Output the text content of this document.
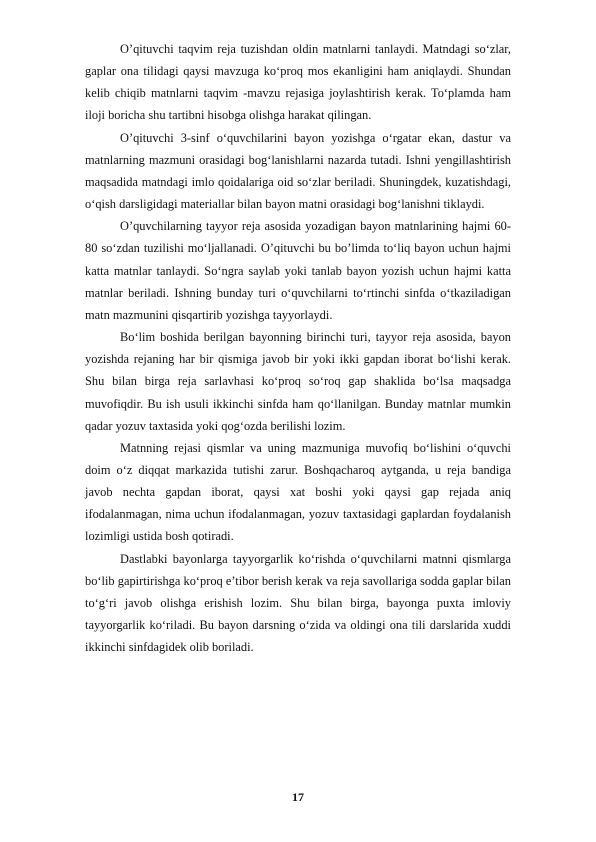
O’qituvchi taqvim reja tuzishdan oldin matnlarni tanlaydi. Matndagi so‘zlar, gaplar ona tilidagi qaysi mavzuga ko‘proq mos ekanligini ham aniqlaydi. Shundan kelib chiqib matnlarni taqvim -mavzu rejasiga joylashtirish kerak. To‘plamda ham iloji boricha shu tartibni hisobga olishga harakat qilingan.

O’qituvchi 3-sinf o‘quvchilarini bayon yozishga o‘rgatar ekan, dastur va matnlarning mazmuni orasidagi bog‘lanishlarni nazarda tutadi. Ishni yengillashtirish maqsadida matndagi imlo qoidalariga oid so‘zlar beriladi. Shuningdek, kuzatishdagi, o‘qish darsligidagi materiallar bilan bayon matni orasidagi bog‘lanishni tiklaydi.

O’quvchilarning tayyor reja asosida yozadigan bayon matnlarining hajmi 60-80 so‘zdan tuzilishi mo‘ljallanadi. O’qituvchi bu bo’limda to‘liq bayon uchun hajmi katta matnlar tanlaydi. So‘ngra saylab yoki tanlab bayon yozish uchun hajmi katta matnlar beriladi. Ishning bunday turi o‘quvchilarni to‘rtinchi sinfda o‘tkaziladigan matn mazmunini qisqartirib yozishga tayyorlaydi.

Bo‘lim boshida berilgan bayonning birinchi turi, tayyor reja asosida, bayon yozishda rejaning har bir qismiga javob bir yoki ikki gapdan iborat bo‘lishi kerak. Shu bilan birga reja sarlavhasi ko‘proq so‘roq gap shaklida bo‘lsa maqsadga muvofiqdir. Bu ish usuli ikkinchi sinfda ham qo‘llanilgan. Bunday matnlar mumkin qadar yozuv taxtasida yoki qog‘ozda berilishi lozim.

Matnning rejasi qismlar va uning mazmuniga muvofiq bo‘lishini o‘quvchi doim o‘z diqqat markazida tutishi zarur. Boshqacharoq aytganda, u reja bandiga javob nechta gapdan iborat, qaysi xat boshi yoki qaysi gap rejada aniq ifodalanmagan, nima uchun ifodalanmagan, yozuv taxtasidagi gaplardan foydalanish lozimligi ustida bosh qotiradi.

Dastlabki bayonlarga tayyorgarlik ko‘rishda o‘quvchilarni matnni qismlarga bo‘lib gapirtirishga ko‘proq e’tibor berish kerak va reja savollariga sodda gaplar bilan to‘g‘ri javob olishga erishish lozim. Shu bilan birga, bayonga puxta imloviy tayyorgarlik ko‘riladi. Bu bayon darsning o‘zida va oldingi ona tili darslarida xuddi ikkinchi sinfdagidek olib boriladi.

17
